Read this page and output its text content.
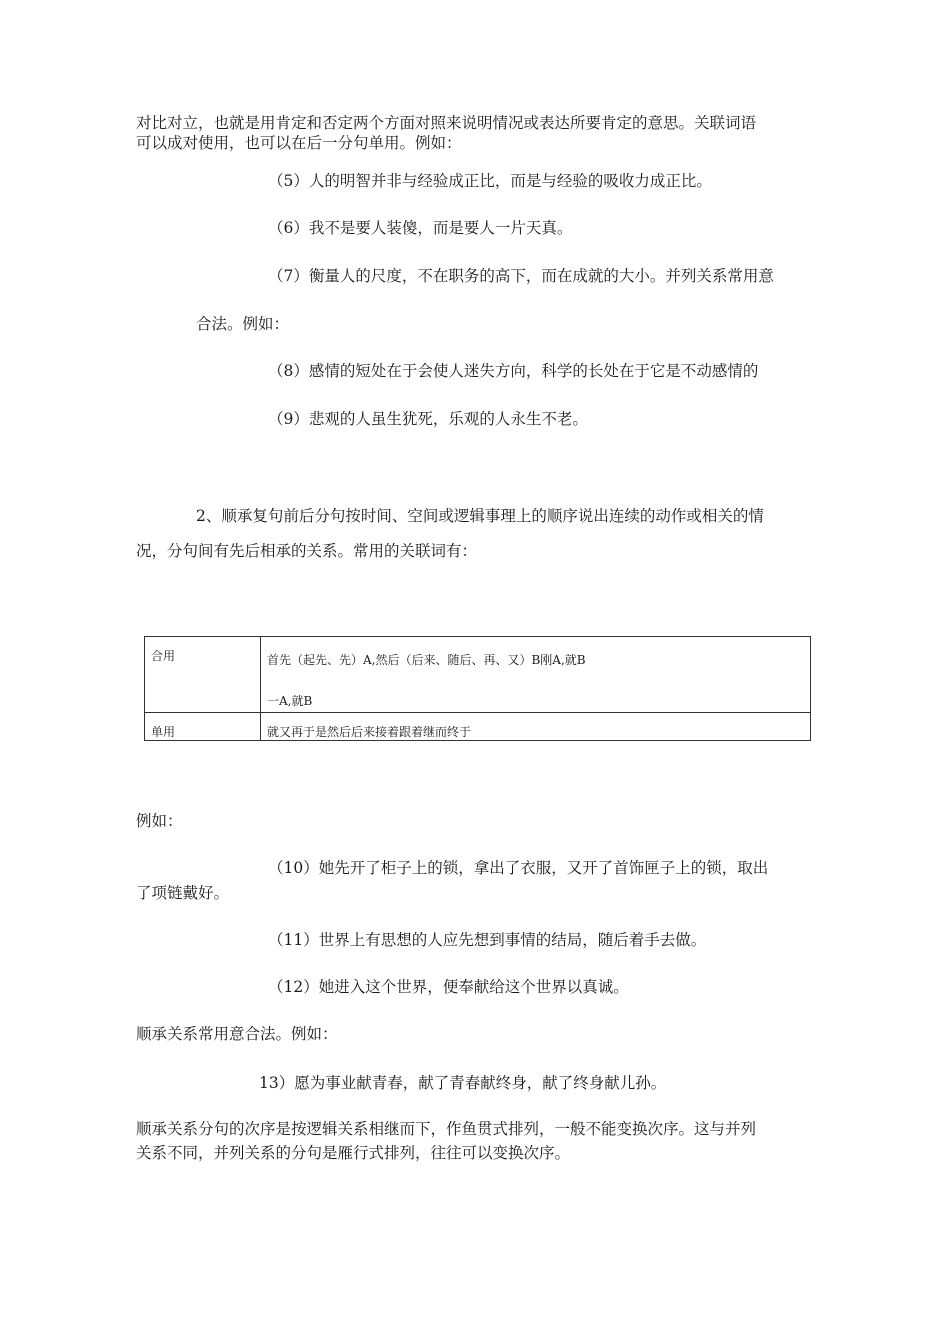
对比对立，也就是用肯定和否定两个方面对照来说明情况或表达所要肯定的意思。关联词语

可以成对使用，也可以在后一分句单用。例如：

（5）人的明智并非与经验成正比，而是与经验的吸收力成正比。

（6）我不是要人装傻，而是要人一片天真。

（7）衡量人的尺度，不在职务的高下，而在成就的大小。并列关系常用意

合法。例如：

（8）感情的短处在于会使人迷失方向，科学的长处在于它是不动感情的

（9）悲观的人虽生犹死，乐观的人永生不老。

2、顺承复句前后分句按时间、空间或逻辑事理上的顺序说出连续的动作或相关的情

况，分句间有先后相承的关系。常用的关联词有：

合用	首先（起先、先）A,然后（后来、随后、再、又）B刚A,就B
一A,就B

单用	就又再于是然后后来接着跟着继而终于

例如：

（10）她先开了柜子上的锁，拿出了衣服，又开了首饰匣子上的锁，取出

了项链戴好。

（11）世界上有思想的人应先想到事情的结局，随后着手去做。

（12）她进入这个世界，便奉献给这个世界以真诚。

顺承关系常用意合法。例如：

13）愿为事业献青春，献了青春献终身，献了终身献儿孙。

顺承关系分句的次序是按逻辑关系相继而下，作鱼贯式排列，一般不能变换次序。这与并列

关系不同，并列关系的分句是雁行式排列，往往可以变换次序。
